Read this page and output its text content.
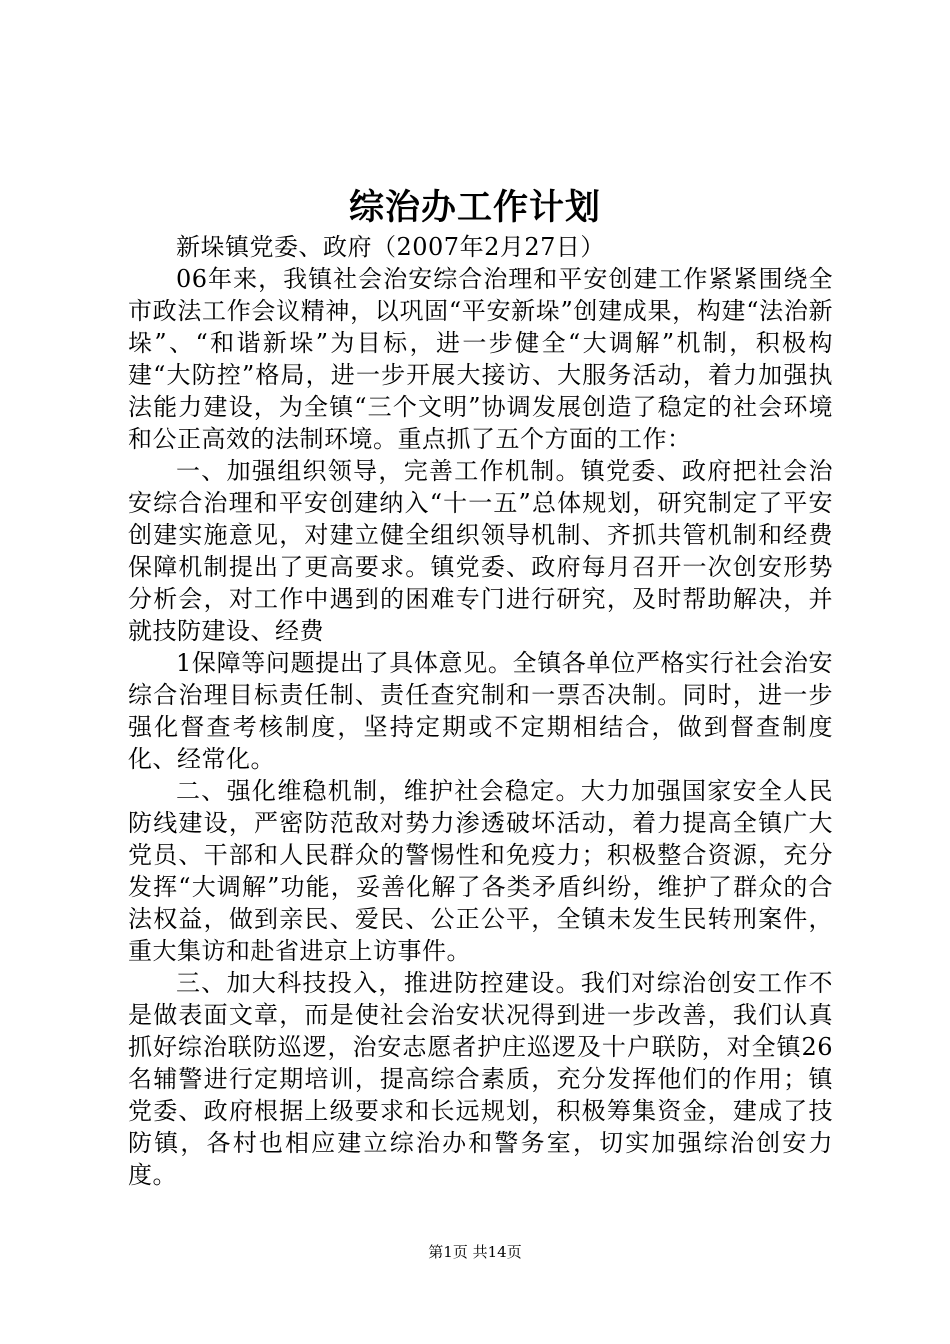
综治办工作计划

新垛镇党委、政府（2007年2月27日）

06年来，我镇社会治安综合治理和平安创建工作紧紧围绕全市政法工作会议精神，以巩固“平安新垛”创建成果，构建“法治新垛”、“和谐新垛”为目标，进一步健全“大调解”机制，积极构建“大防控”格局，进一步开展大接访、大服务活动，着力加强执法能力建设，为全镇“三个文明”协调发展创造了稳定的社会环境和公正高效的法制环境。重点抓了五个方面的工作：

一、加强组织领导，完善工作机制。镇党委、政府把社会治安综合治理和平安创建纳入“十一五”总体规划，研究制定了平安创建实施意见，对建立健全组织领导机制、齐抓共管机制和经费保障机制提出了更高要求。镇党委、政府每月召开一次创安形势分析会，对工作中遇到的困难专门进行研究，及时帮助解决，并就技防建设、经费

1保障等问题提出了具体意见。全镇各单位严格实行社会治安综合治理目标责任制、责任查究制和一票否决制。同时，进一步强化督查考核制度，坚持定期或不定期相结合，做到督查制度化、经常化。

二、强化维稳机制，维护社会稳定。大力加强国家安全人民防线建设，严密防范敌对势力渗透破坏活动，着力提高全镇广大党员、干部和人民群众的警惕性和免疫力；积极整合资源，充分发挥“大调解”功能，妥善化解了各类矛盾纠纷，维护了群众的合法权益，做到亲民、爱民、公正公平，全镇未发生民转刑案件，重大集访和赴省进京上访事件。

三、加大科技投入，推进防控建设。我们对综治创安工作不是做表面文章，而是使社会治安状况得到进一步改善，我们认真抓好综治联防巡逻，治安志愿者护庄巡逻及十户联防，对全镇26名辅警进行定期培训，提高综合素质，充分发挥他们的作用；镇党委、政府根据上级要求和长远规划，积极筹集资金，建成了技防镇，各村也相应建立综治办和警务室，切实加强综治创安力度。

第1页 共14页
